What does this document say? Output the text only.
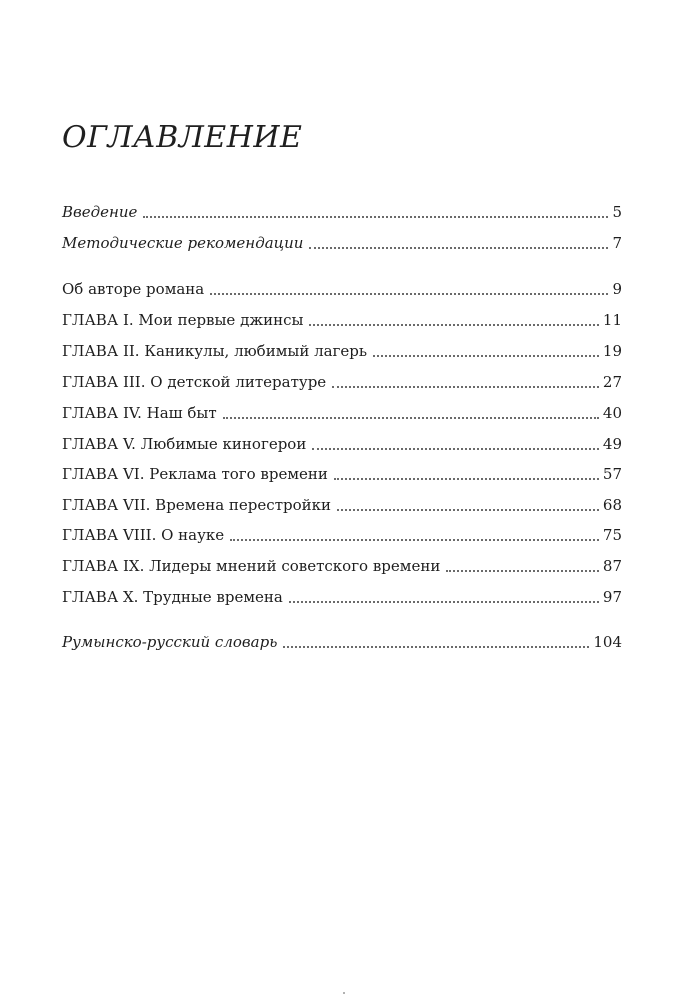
ОГЛАВЛЕНИЕ
Введение	5
Методические рекомендации	7
Об авторе романа	9
ГЛАВА I. Мои первые джинсы	11
ГЛАВА II. Каникулы, любимый лагерь	19
ГЛАВА III. О детской литературе	27
ГЛАВА IV. Наш быт	40
ГЛАВА V. Любимые киногерои	49
ГЛАВА VI. Реклама того времени	57
ГЛАВА VII. Времена перестройки	68
ГЛАВА VIII. О науке	75
ГЛАВА IX. Лидеры мнений советского времени	87
ГЛАВА X. Трудные времена	97
Румынско-русский словарь	104
